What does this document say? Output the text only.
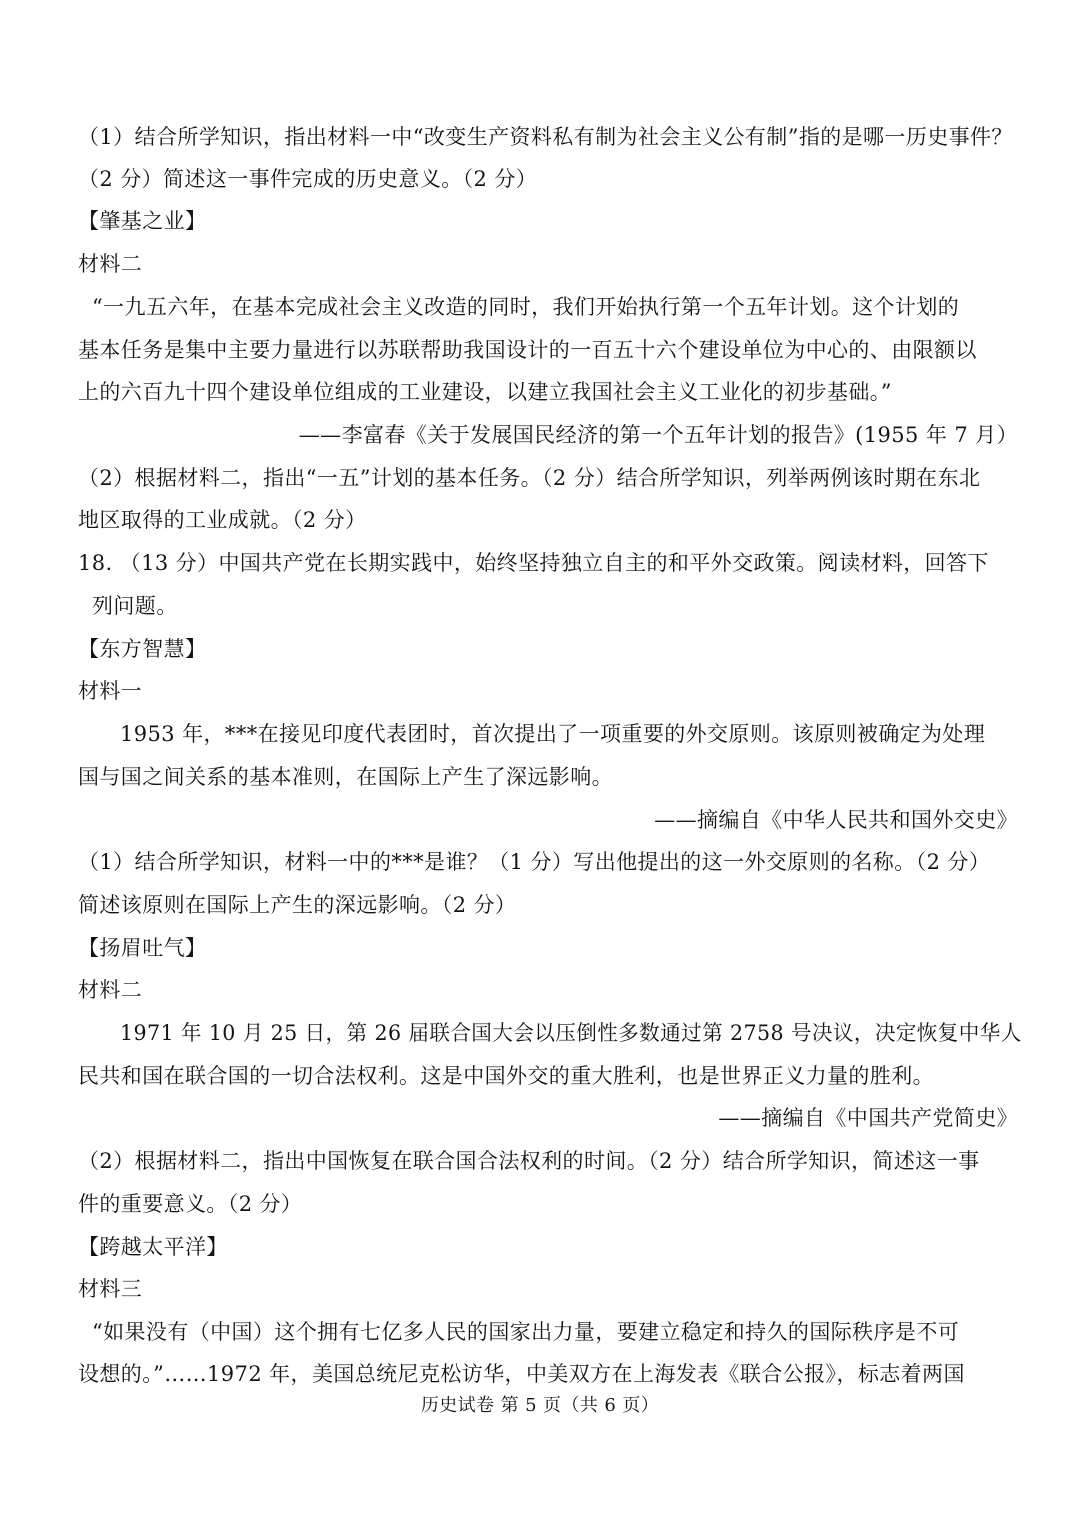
（1）结合所学知识，指出材料一中“改变生产资料私有制为社会主义公有制”指的是哪一历史事件？
（2 分）简述这一事件完成的历史意义。（2 分）
【肇基之业】
材料二
“一九五六年，在基本完成社会主义改造的同时，我们开始执行第一个五年计划。这个计划的
基本任务是集中主要力量进行以苏联帮助我国设计的一百五十六个建设单位为中心的、由限额以
上的六百九十四个建设单位组成的工业建设，以建立我国社会主义工业化的初步基础。”
——李富春《关于发展国民经济的第一个五年计划的报告》(1955 年 7 月）
（2）根据材料二，指出“一五”计划的基本任务。（2 分）结合所学知识，列举两例该时期在东北
地区取得的工业成就。（2 分）
18. （13 分）中国共产党在长期实践中，始终坚持独立自主的和平外交政策。阅读材料，回答下
列问题。
【东方智慧】
材料一
1953 年，***在接见印度代表团时，首次提出了一项重要的外交原则。该原则被确定为处理
国与国之间关系的基本准则，在国际上产生了深远影响。
——摘编自《中华人民共和国外交史》
（1）结合所学知识，材料一中的***是谁？（1 分）写出他提出的这一外交原则的名称。（2 分）
简述该原则在国际上产生的深远影响。（2 分）
【扬眉吐气】
材料二
1971 年 10 月 25 日，第 26 届联合国大会以压倒性多数通过第 2758 号决议，决定恢复中华人
民共和国在联合国的一切合法权利。这是中国外交的重大胜利，也是世界正义力量的胜利。
——摘编自《中国共产党简史》
（2）根据材料二，指出中国恢复在联合国合法权利的时间。（2 分）结合所学知识，简述这一事
件的重要意义。（2 分）
【跨越太平洋】
材料三
“如果没有（中国）这个拥有七亿多人民的国家出力量，要建立稳定和持久的国际秩序是不可
设想的。”……1972 年，美国总统尼克松访华，中美双方在上海发表《联合公报》，标志着两国
历史试卷 第 5 页（共 6 页）
